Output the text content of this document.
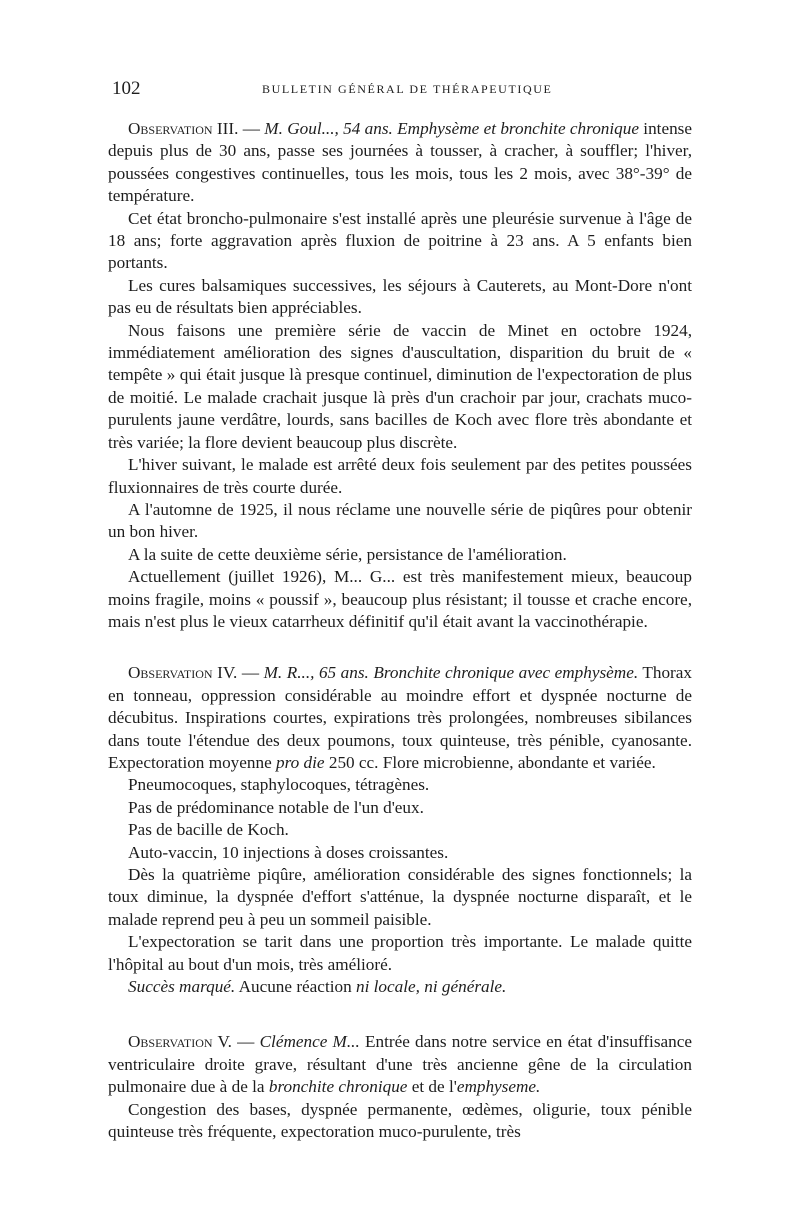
102	BULLETIN GÉNÉRAL DE THÉRAPEUTIQUE

Observation III. — M. Goul..., 54 ans. Emphysème et bronchite chronique intense depuis plus de 30 ans, passe ses journées à tousser, à cracher, à souffler; l'hiver, poussées congestives continuelles, tous les mois, tous les 2 mois, avec 38°-39° de température.

Cet état broncho-pulmonaire s'est installé après une pleurésie survenue à l'âge de 18 ans; forte aggravation après fluxion de poitrine à 23 ans. A 5 enfants bien portants.

Les cures balsamiques successives, les séjours à Cauterets, au Mont-Dore n'ont pas eu de résultats bien appréciables.

Nous faisons une première série de vaccin de Minet en octobre 1924, immédiatement amélioration des signes d'auscultation, disparition du bruit de « tempête » qui était jusque là presque continuel, diminution de l'expectoration de plus de moitié. Le malade crachait jusque là près d'un crachoir par jour, crachats muco-purulents jaune verdâtre, lourds, sans bacilles de Koch avec flore très abondante et très variée; la flore devient beaucoup plus discrète.

L'hiver suivant, le malade est arrêté deux fois seulement par des petites poussées fluxionnaires de très courte durée.

A l'automne de 1925, il nous réclame une nouvelle série de piqûres pour obtenir un bon hiver.

A la suite de cette deuxième série, persistance de l'amélioration.

Actuellement (juillet 1926), M... G... est très manifestement mieux, beaucoup moins fragile, moins « poussif », beaucoup plus résistant; il tousse et crache encore, mais n'est plus le vieux catarrheux définitif qu'il était avant la vaccinothérapie.

Observation IV. — M. R..., 65 ans. Bronchite chronique avec emphysème. Thorax en tonneau, oppression considérable au moindre effort et dyspnée nocturne de décubitus. Inspirations courtes, expirations très prolongées, nombreuses sibilances dans toute l'étendue des deux poumons, toux quinteuse, très pénible, cyanosante. Expectoration moyenne pro die 250 cc. Flore microbienne, abondante et variée.

Pneumocoques, staphylocoques, tétragènes.

Pas de prédominance notable de l'un d'eux.

Pas de bacille de Koch.

Auto-vaccin, 10 injections à doses croissantes.

Dès la quatrième piqûre, amélioration considérable des signes fonctionnels; la toux diminue, la dyspnée d'effort s'atténue, la dyspnée nocturne disparaît, et le malade reprend peu à peu un sommeil paisible.

L'expectoration se tarit dans une proportion très importante. Le malade quitte l'hôpital au bout d'un mois, très amélioré.

Succès marqué. Aucune réaction ni locale, ni générale.

Observation V. — Clémence M... Entrée dans notre service en état d'insuffisance ventriculaire droite grave, résultant d'une très ancienne gêne de la circulation pulmonaire due à de la bronchite chronique et de l'emphyseme.

Congestion des bases, dyspnée permanente, œdèmes, oligurie, toux pénible quinteuse très fréquente, expectoration muco-purulente, très
